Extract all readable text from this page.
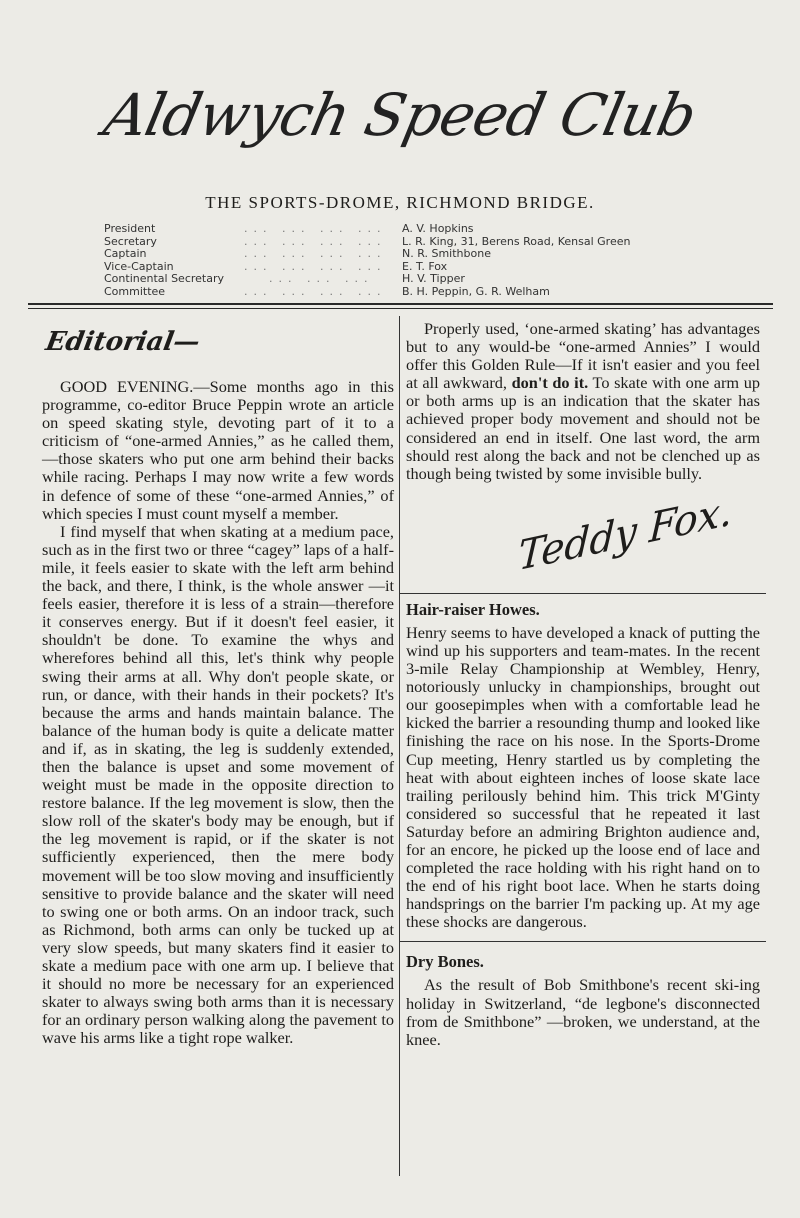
Aldwych Speed Club
THE SPORTS-DROME, RICHMOND BRIDGE.
President	... ... ... ...	A. V. Hopkins
Secretary	... ... ... ...	L. R. King, 31, Berens Road, Kensal Green
Captain	... ... ... ...	N. R. Smithbone
Vice-Captain	... ... ... ...	E. T. Fox
Continental Secretary	... ... ...	H. V. Tipper
Committee	... ... ... ...	B. H. Peppin, G. R. Welham
Editorial—

GOOD EVENING.—Some months ago in this programme, co-editor Bruce Peppin wrote an article on speed skating style, devoting part of it to a criticism of “one-armed Annies,” as he called them,—those skaters who put one arm behind their backs while racing. Perhaps I may now write a few words in defence of some of these “one-armed Annies,” of which species I must count myself a member.

I find myself that when skating at a medium pace, such as in the first two or three “cagey” laps of a half-mile, it feels easier to skate with the left arm behind the back, and there, I think, is the whole answer —it feels easier, therefore it is less of a strain—therefore it conserves energy. But if it doesn't feel easier, it shouldn't be done. To examine the whys and wherefores behind all this, let's think why people swing their arms at all. Why don't people skate, or run, or dance, with their hands in their pockets? It's because the arms and hands maintain balance. The balance of the human body is quite a delicate matter and if, as in skating, the leg is suddenly extended, then the balance is upset and some movement of weight must be made in the opposite direction to restore balance. If the leg movement is slow, then the slow roll of the skater's body may be enough, but if the leg movement is rapid, or if the skater is not sufficiently experienced, then the mere body movement will be too slow moving and insufficiently sensitive to provide balance and the skater will need to swing one or both arms. On an indoor track, such as Richmond, both arms can only be tucked up at very slow speeds, but many skaters find it easier to skate a medium pace with one arm up. I believe that it should no more be necessary for an experienced skater to always swing both arms than it is necessary for an ordinary person walking along the pavement to wave his arms like a tight rope walker.

Properly used, ‘one-armed skating’ has advantages but to any would-be “one-armed Annies” I would offer this Golden Rule—If it isn't easier and you feel at all awkward, don't do it. To skate with one arm up or both arms up is an indication that the skater has achieved proper body movement and should not be considered an end in itself. One last word, the arm should rest along the back and not be clenched up as though being twisted by some invisible bully.

Teddy Fox.
Hair-raiser Howes.

Henry seems to have developed a knack of putting the wind up his supporters and team-mates. In the recent 3-mile Relay Championship at Wembley, Henry, notoriously unlucky in championships, brought out our goosepimples when with a comfortable lead he kicked the barrier a resounding thump and looked like finishing the race on his nose. In the Sports-Drome Cup meeting, Henry startled us by completing the heat with about eighteen inches of loose skate lace trailing perilously behind him. This trick M'Ginty considered so successful that he repeated it last Saturday before an admiring Brighton audience and, for an encore, he picked up the loose end of lace and completed the race holding with his right hand on to the end of his right boot lace. When he starts doing handsprings on the barrier I'm packing up. At my age these shocks are dangerous.

Dry Bones.

As the result of Bob Smithbone's recent ski-ing holiday in Switzerland, “de legbone's disconnected from de Smithbone” —broken, we understand, at the knee.
